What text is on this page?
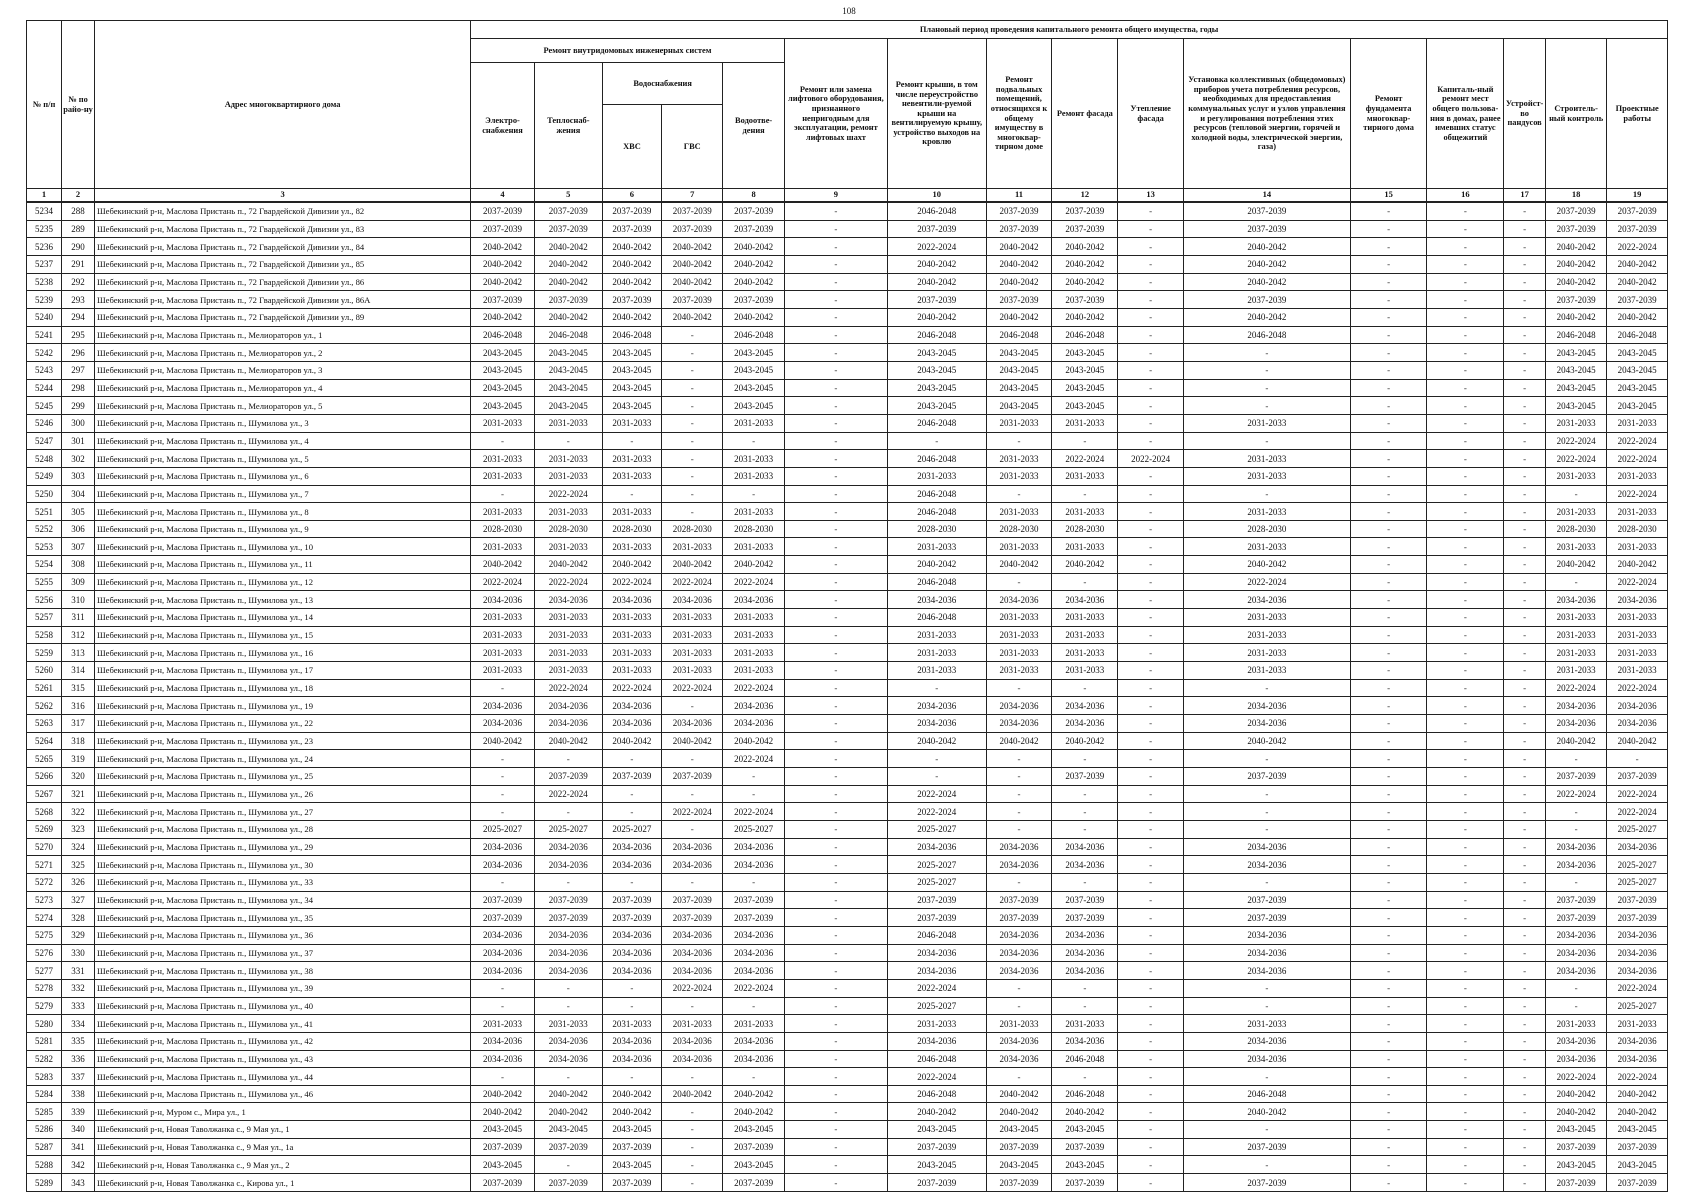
108
№ п/п	№ по райо-ну	Адрес многоквартирного дома	Плановый период проведения капитального ремонта общего имущества, годы															
			Ремонт внутридомовых инженерных систем					Ремонт или замена лифтового оборудования, признанного непригодным для эксплуатации, ремонт лифтовых шахт	Ремонт крыши, в том числе переустройство невентили-руемой крыши на вентилируемую крышу, устройство выходов на кровлю	Ремонт подвальных помещений, относящихся к общему имуществу в многоквар-тирном доме	Ремонт фасада	Утепление фасада	Установка коллективных (общедомовых) приборов учета потребления ресурсов, необходимых для предоставления коммунальных услуг и узлов управления и регулирования потребления этих ресурсов (тепловой энергии, горячей и холодной воды, электрической энергии, газа)	Ремонт фундамента многоквар-тирного дома	Капиталь-ный ремонт мест общего пользова-ния в домах, ранее имевших статус общежитий	Устройст-во пандусов	Строитель-ный контроль	Проектные работы
			Электро-снабжения	Теплоснаб-жения	Водоснабжения		Водоотве-дения											
					ХВС	ГВС												
1	2	3	4	5	6	7	8	9	10	11	12	13	14	15	16	17	18	19
5234	288	Шебекинский р-н, Маслова Пристань п., 72 Гвардейской Дивизии ул., 82	2037-2039	2037-2039	2037-2039	2037-2039	2037-2039	-	2046-2048	2037-2039	2037-2039	-	2037-2039	-	-	-	2037-2039	2037-2039
5235	289	Шебекинский р-н, Маслова Пристань п., 72 Гвардейской Дивизии ул., 83	2037-2039	2037-2039	2037-2039	2037-2039	2037-2039	-	2037-2039	2037-2039	2037-2039	-	2037-2039	-	-	-	2037-2039	2037-2039
5236	290	Шебекинский р-н, Маслова Пристань п., 72 Гвардейской Дивизии ул., 84	2040-2042	2040-2042	2040-2042	2040-2042	2040-2042	-	2022-2024	2040-2042	2040-2042	-	2040-2042	-	-	-	2040-2042	2022-2024
5237	291	Шебекинский р-н, Маслова Пристань п., 72 Гвардейской Дивизии ул., 85	2040-2042	2040-2042	2040-2042	2040-2042	2040-2042	-	2040-2042	2040-2042	2040-2042	-	2040-2042	-	-	-	2040-2042	2040-2042
5238	292	Шебекинский р-н, Маслова Пристань п., 72 Гвардейской Дивизии ул., 86	2040-2042	2040-2042	2040-2042	2040-2042	2040-2042	-	2040-2042	2040-2042	2040-2042	-	2040-2042	-	-	-	2040-2042	2040-2042
5239	293	Шебекинский р-н, Маслова Пристань п., 72 Гвардейской Дивизии ул., 86А	2037-2039	2037-2039	2037-2039	2037-2039	2037-2039	-	2037-2039	2037-2039	2037-2039	-	2037-2039	-	-	-	2037-2039	2037-2039
5240	294	Шебекинский р-н, Маслова Пристань п., 72 Гвардейской Дивизии ул., 89	2040-2042	2040-2042	2040-2042	2040-2042	2040-2042	-	2040-2042	2040-2042	2040-2042	-	2040-2042	-	-	-	2040-2042	2040-2042
5241	295	Шебекинский р-н, Маслова Пристань п., Мелиораторов ул., 1	2046-2048	2046-2048	2046-2048	-	2046-2048	-	2046-2048	2046-2048	2046-2048	-	2046-2048	-	-	-	2046-2048	2046-2048
5242	296	Шебекинский р-н, Маслова Пристань п., Мелиораторов ул., 2	2043-2045	2043-2045	2043-2045	-	2043-2045	-	2043-2045	2043-2045	2043-2045	-	-	-	-	-	2043-2045	2043-2045
5243	297	Шебекинский р-н, Маслова Пристань п., Мелиораторов ул., 3	2043-2045	2043-2045	2043-2045	-	2043-2045	-	2043-2045	2043-2045	2043-2045	-	-	-	-	-	2043-2045	2043-2045
5244	298	Шебекинский р-н, Маслова Пристань п., Мелиораторов ул., 4	2043-2045	2043-2045	2043-2045	-	2043-2045	-	2043-2045	2043-2045	2043-2045	-	-	-	-	-	2043-2045	2043-2045
5245	299	Шебекинский р-н, Маслова Пристань п., Мелиораторов ул., 5	2043-2045	2043-2045	2043-2045	-	2043-2045	-	2043-2045	2043-2045	2043-2045	-	-	-	-	-	2043-2045	2043-2045
5246	300	Шебекинский р-н, Маслова Пристань п., Шумилова ул., 3	2031-2033	2031-2033	2031-2033	-	2031-2033	-	2046-2048	2031-2033	2031-2033	-	2031-2033	-	-	-	2031-2033	2031-2033
5247	301	Шебекинский р-н, Маслова Пристань п., Шумилова ул., 4	-	-	-	-	-	-	-	-	-	-	-	-	-	-	2022-2024	2022-2024
5248	302	Шебекинский р-н, Маслова Пристань п., Шумилова ул., 5	2031-2033	2031-2033	2031-2033	-	2031-2033	-	2046-2048	2031-2033	2022-2024	2022-2024	2031-2033	-	-	-	2022-2024	2022-2024
5249	303	Шебекинский р-н, Маслова Пристань п., Шумилова ул., 6	2031-2033	2031-2033	2031-2033	-	2031-2033	-	2031-2033	2031-2033	2031-2033	-	2031-2033	-	-	-	2031-2033	2031-2033
5250	304	Шебекинский р-н, Маслова Пристань п., Шумилова ул., 7	-	2022-2024	-	-	-	-	2046-2048	-	-	-	-	-	-	-	-	2022-2024
5251	305	Шебекинский р-н, Маслова Пристань п., Шумилова ул., 8	2031-2033	2031-2033	2031-2033	-	2031-2033	-	2046-2048	2031-2033	2031-2033	-	2031-2033	-	-	-	2031-2033	2031-2033
5252	306	Шебекинский р-н, Маслова Пристань п., Шумилова ул., 9	2028-2030	2028-2030	2028-2030	2028-2030	2028-2030	-	2028-2030	2028-2030	2028-2030	-	2028-2030	-	-	-	2028-2030	2028-2030
5253	307	Шебекинский р-н, Маслова Пристань п., Шумилова ул., 10	2031-2033	2031-2033	2031-2033	2031-2033	2031-2033	-	2031-2033	2031-2033	2031-2033	-	2031-2033	-	-	-	2031-2033	2031-2033
5254	308	Шебекинский р-н, Маслова Пристань п., Шумилова ул., 11	2040-2042	2040-2042	2040-2042	2040-2042	2040-2042	-	2040-2042	2040-2042	2040-2042	-	2040-2042	-	-	-	2040-2042	2040-2042
5255	309	Шебекинский р-н, Маслова Пристань п., Шумилова ул., 12	2022-2024	2022-2024	2022-2024	2022-2024	2022-2024	-	2046-2048	-	-	-	2022-2024	-	-	-	-	2022-2024
5256	310	Шебекинский р-н, Маслова Пристань п., Шумилова ул., 13	2034-2036	2034-2036	2034-2036	2034-2036	2034-2036	-	2034-2036	2034-2036	2034-2036	-	2034-2036	-	-	-	2034-2036	2034-2036
5257	311	Шебекинский р-н, Маслова Пристань п., Шумилова ул., 14	2031-2033	2031-2033	2031-2033	2031-2033	2031-2033	-	2046-2048	2031-2033	2031-2033	-	2031-2033	-	-	-	2031-2033	2031-2033
5258	312	Шебекинский р-н, Маслова Пристань п., Шумилова ул., 15	2031-2033	2031-2033	2031-2033	2031-2033	2031-2033	-	2031-2033	2031-2033	2031-2033	-	2031-2033	-	-	-	2031-2033	2031-2033
5259	313	Шебекинский р-н, Маслова Пристань п., Шумилова ул., 16	2031-2033	2031-2033	2031-2033	2031-2033	2031-2033	-	2031-2033	2031-2033	2031-2033	-	2031-2033	-	-	-	2031-2033	2031-2033
5260	314	Шебекинский р-н, Маслова Пристань п., Шумилова ул., 17	2031-2033	2031-2033	2031-2033	2031-2033	2031-2033	-	2031-2033	2031-2033	2031-2033	-	2031-2033	-	-	-	2031-2033	2031-2033
5261	315	Шебекинский р-н, Маслова Пристань п., Шумилова ул., 18	-	2022-2024	2022-2024	2022-2024	2022-2024	-	-	-	-	-	-	-	-	-	2022-2024	2022-2024
5262	316	Шебекинский р-н, Маслова Пристань п., Шумилова ул., 19	2034-2036	2034-2036	2034-2036	-	2034-2036	-	2034-2036	2034-2036	2034-2036	-	2034-2036	-	-	-	2034-2036	2034-2036
5263	317	Шебекинский р-н, Маслова Пристань п., Шумилова ул., 22	2034-2036	2034-2036	2034-2036	2034-2036	2034-2036	-	2034-2036	2034-2036	2034-2036	-	2034-2036	-	-	-	2034-2036	2034-2036
5264	318	Шебекинский р-н, Маслова Пристань п., Шумилова ул., 23	2040-2042	2040-2042	2040-2042	2040-2042	2040-2042	-	2040-2042	2040-2042	2040-2042	-	2040-2042	-	-	-	2040-2042	2040-2042
5265	319	Шебекинский р-н, Маслова Пристань п., Шумилова ул., 24	-	-	-	-	2022-2024	-	-	-	-	-	-	-	-	-	-	-
5266	320	Шебекинский р-н, Маслова Пристань п., Шумилова ул., 25	-	2037-2039	2037-2039	2037-2039	-	-	-	-	2037-2039	-	2037-2039	-	-	-	2037-2039	2037-2039
5267	321	Шебекинский р-н, Маслова Пристань п., Шумилова ул., 26	-	2022-2024	-	-	-	-	2022-2024	-	-	-	-	-	-	-	2022-2024	2022-2024
5268	322	Шебекинский р-н, Маслова Пристань п., Шумилова ул., 27	-	-	-	2022-2024	2022-2024	-	2022-2024	-	-	-	-	-	-	-	-	2022-2024
5269	323	Шебекинский р-н, Маслова Пристань п., Шумилова ул., 28	2025-2027	2025-2027	2025-2027	-	2025-2027	-	2025-2027	-	-	-	-	-	-	-	-	2025-2027
5270	324	Шебекинский р-н, Маслова Пристань п., Шумилова ул., 29	2034-2036	2034-2036	2034-2036	2034-2036	2034-2036	-	2034-2036	2034-2036	2034-2036	-	2034-2036	-	-	-	2034-2036	2034-2036
5271	325	Шебекинский р-н, Маслова Пристань п., Шумилова ул., 30	2034-2036	2034-2036	2034-2036	2034-2036	2034-2036	-	2025-2027	2034-2036	2034-2036	-	2034-2036	-	-	-	2034-2036	2025-2027
5272	326	Шебекинский р-н, Маслова Пристань п., Шумилова ул., 33	-	-	-	-	-	-	2025-2027	-	-	-	-	-	-	-	-	2025-2027
5273	327	Шебекинский р-н, Маслова Пристань п., Шумилова ул., 34	2037-2039	2037-2039	2037-2039	2037-2039	2037-2039	-	2037-2039	2037-2039	2037-2039	-	2037-2039	-	-	-	2037-2039	2037-2039
5274	328	Шебекинский р-н, Маслова Пристань п., Шумилова ул., 35	2037-2039	2037-2039	2037-2039	2037-2039	2037-2039	-	2037-2039	2037-2039	2037-2039	-	2037-2039	-	-	-	2037-2039	2037-2039
5275	329	Шебекинский р-н, Маслова Пристань п., Шумилова ул., 36	2034-2036	2034-2036	2034-2036	2034-2036	2034-2036	-	2046-2048	2034-2036	2034-2036	-	2034-2036	-	-	-	2034-2036	2034-2036
5276	330	Шебекинский р-н, Маслова Пристань п., Шумилова ул., 37	2034-2036	2034-2036	2034-2036	2034-2036	2034-2036	-	2034-2036	2034-2036	2034-2036	-	2034-2036	-	-	-	2034-2036	2034-2036
5277	331	Шебекинский р-н, Маслова Пристань п., Шумилова ул., 38	2034-2036	2034-2036	2034-2036	2034-2036	2034-2036	-	2034-2036	2034-2036	2034-2036	-	2034-2036	-	-	-	2034-2036	2034-2036
5278	332	Шебекинский р-н, Маслова Пристань п., Шумилова ул., 39	-	-	-	2022-2024	2022-2024	-	2022-2024	-	-	-	-	-	-	-	-	2022-2024
5279	333	Шебекинский р-н, Маслова Пристань п., Шумилова ул., 40	-	-	-	-	-	-	2025-2027	-	-	-	-	-	-	-	-	2025-2027
5280	334	Шебекинский р-н, Маслова Пристань п., Шумилова ул., 41	2031-2033	2031-2033	2031-2033	2031-2033	2031-2033	-	2031-2033	2031-2033	2031-2033	-	2031-2033	-	-	-	2031-2033	2031-2033
5281	335	Шебекинский р-н, Маслова Пристань п., Шумилова ул., 42	2034-2036	2034-2036	2034-2036	2034-2036	2034-2036	-	2034-2036	2034-2036	2034-2036	-	2034-2036	-	-	-	2034-2036	2034-2036
5282	336	Шебекинский р-н, Маслова Пристань п., Шумилова ул., 43	2034-2036	2034-2036	2034-2036	2034-2036	2034-2036	-	2046-2048	2034-2036	2046-2048	-	2034-2036	-	-	-	2034-2036	2034-2036
5283	337	Шебекинский р-н, Маслова Пристань п., Шумилова ул., 44	-	-	-	-	-	-	2022-2024	-	-	-	-	-	-	-	2022-2024	2022-2024
5284	338	Шебекинский р-н, Маслова Пристань п., Шумилова ул., 46	2040-2042	2040-2042	2040-2042	2040-2042	2040-2042	-	2046-2048	2040-2042	2046-2048	-	2046-2048	-	-	-	2040-2042	2040-2042
5285	339	Шебекинский р-н, Муром с., Мира ул., 1	2040-2042	2040-2042	2040-2042	-	2040-2042	-	2040-2042	2040-2042	2040-2042	-	2040-2042	-	-	-	2040-2042	2040-2042
5286	340	Шебекинский р-н, Новая Таволжанка с., 9 Мая ул., 1	2043-2045	2043-2045	2043-2045	-	2043-2045	-	2043-2045	2043-2045	2043-2045	-	-	-	-	-	2043-2045	2043-2045
5287	341	Шебекинский р-н, Новая Таволжанка с., 9 Мая ул., 1а	2037-2039	2037-2039	2037-2039	-	2037-2039	-	2037-2039	2037-2039	2037-2039	-	2037-2039	-	-	-	2037-2039	2037-2039
5288	342	Шебекинский р-н, Новая Таволжанка с., 9 Мая ул., 2	2043-2045	-	2043-2045	-	2043-2045	-	2043-2045	2043-2045	2043-2045	-	-	-	-	-	2043-2045	2043-2045
5289	343	Шебекинский р-н, Новая Таволжанка с., Кирова ул., 1	2037-2039	2037-2039	2037-2039	-	2037-2039	-	2037-2039	2037-2039	2037-2039	-	2037-2039	-	-	-	2037-2039	2037-2039
